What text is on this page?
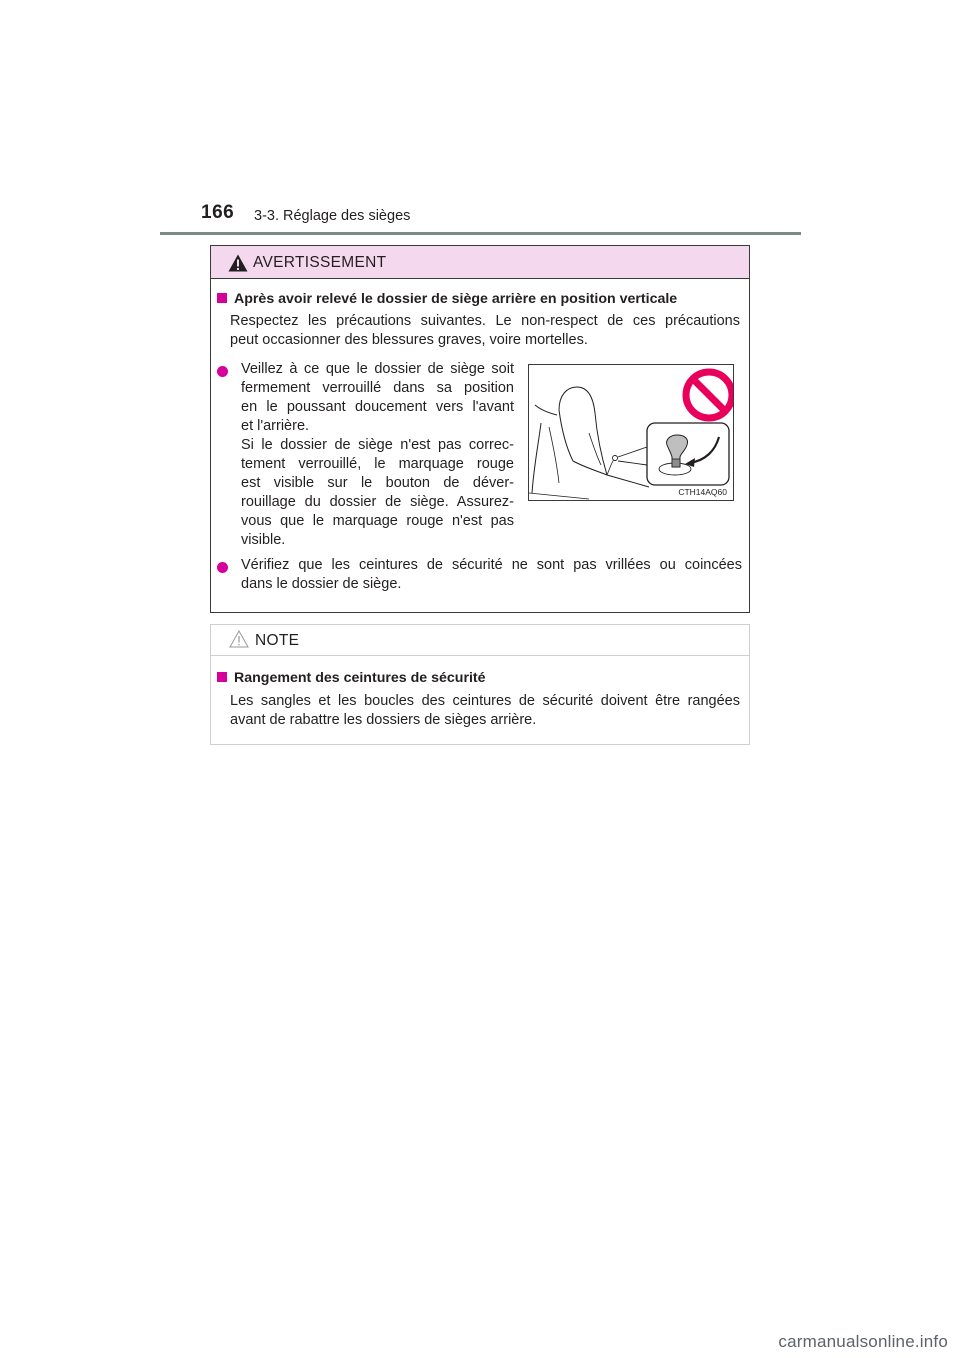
166 3-3. Réglage des sièges
AVERTISSEMENT
Après avoir relevé le dossier de siège arrière en position verticale
Respectez les précautions suivantes. Le non-respect de ces précautions
peut occasionner des blessures graves, voire mortelles.
Veillez à ce que le dossier de siège soit
fermement verrouillé dans sa position
en le poussant doucement vers l'avant
et l'arrière.
Si le dossier de siège n'est pas correc-
tement verrouillé, le marquage rouge
est visible sur le bouton de déver-
rouillage du dossier de siège. Assurez-
vous que le marquage rouge n'est pas
visible.
CTH14AQ60
Vérifiez que les ceintures de sécurité ne sont pas vrillées ou coincées
dans le dossier de siège.
NOTE
Rangement des ceintures de sécurité
Les sangles et les boucles des ceintures de sécurité doivent être rangées
avant de rabattre les dossiers de sièges arrière.
carmanualsonline.info
